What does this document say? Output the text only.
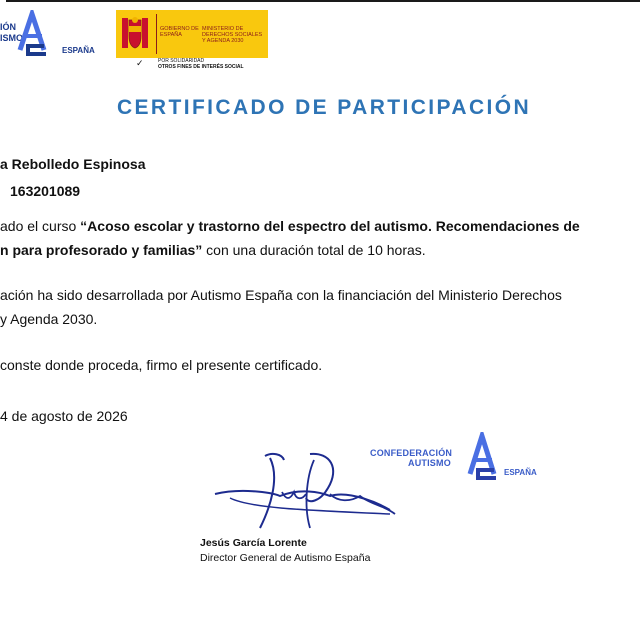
IÓN
ISMO
ESPAÑA
GOBIERNO DE ESPAÑA
MINISTERIO DE DERECHOS SOCIALES Y AGENDA 2030
✓	POR SOLIDARIDAD
OTROS FINES DE INTERÉS SOCIAL
CERTIFICADO DE PARTICIPACIÓN
a Rebolledo Espinosa
163201089
ado el curso “Acoso escolar y trastorno del espectro del autismo. Recomendaciones de
n para profesorado y familias” con una duración total de 10 horas.
ación ha sido desarrollada por Autismo España con la financiación del Ministerio Derechos
y Agenda 2030.
conste donde proceda, firmo el presente certificado.
4 de agosto de 2026
Jesús García Lorente
Director General de Autismo España
CONFEDERACIÓN
AUTISMO
ESPAÑA
